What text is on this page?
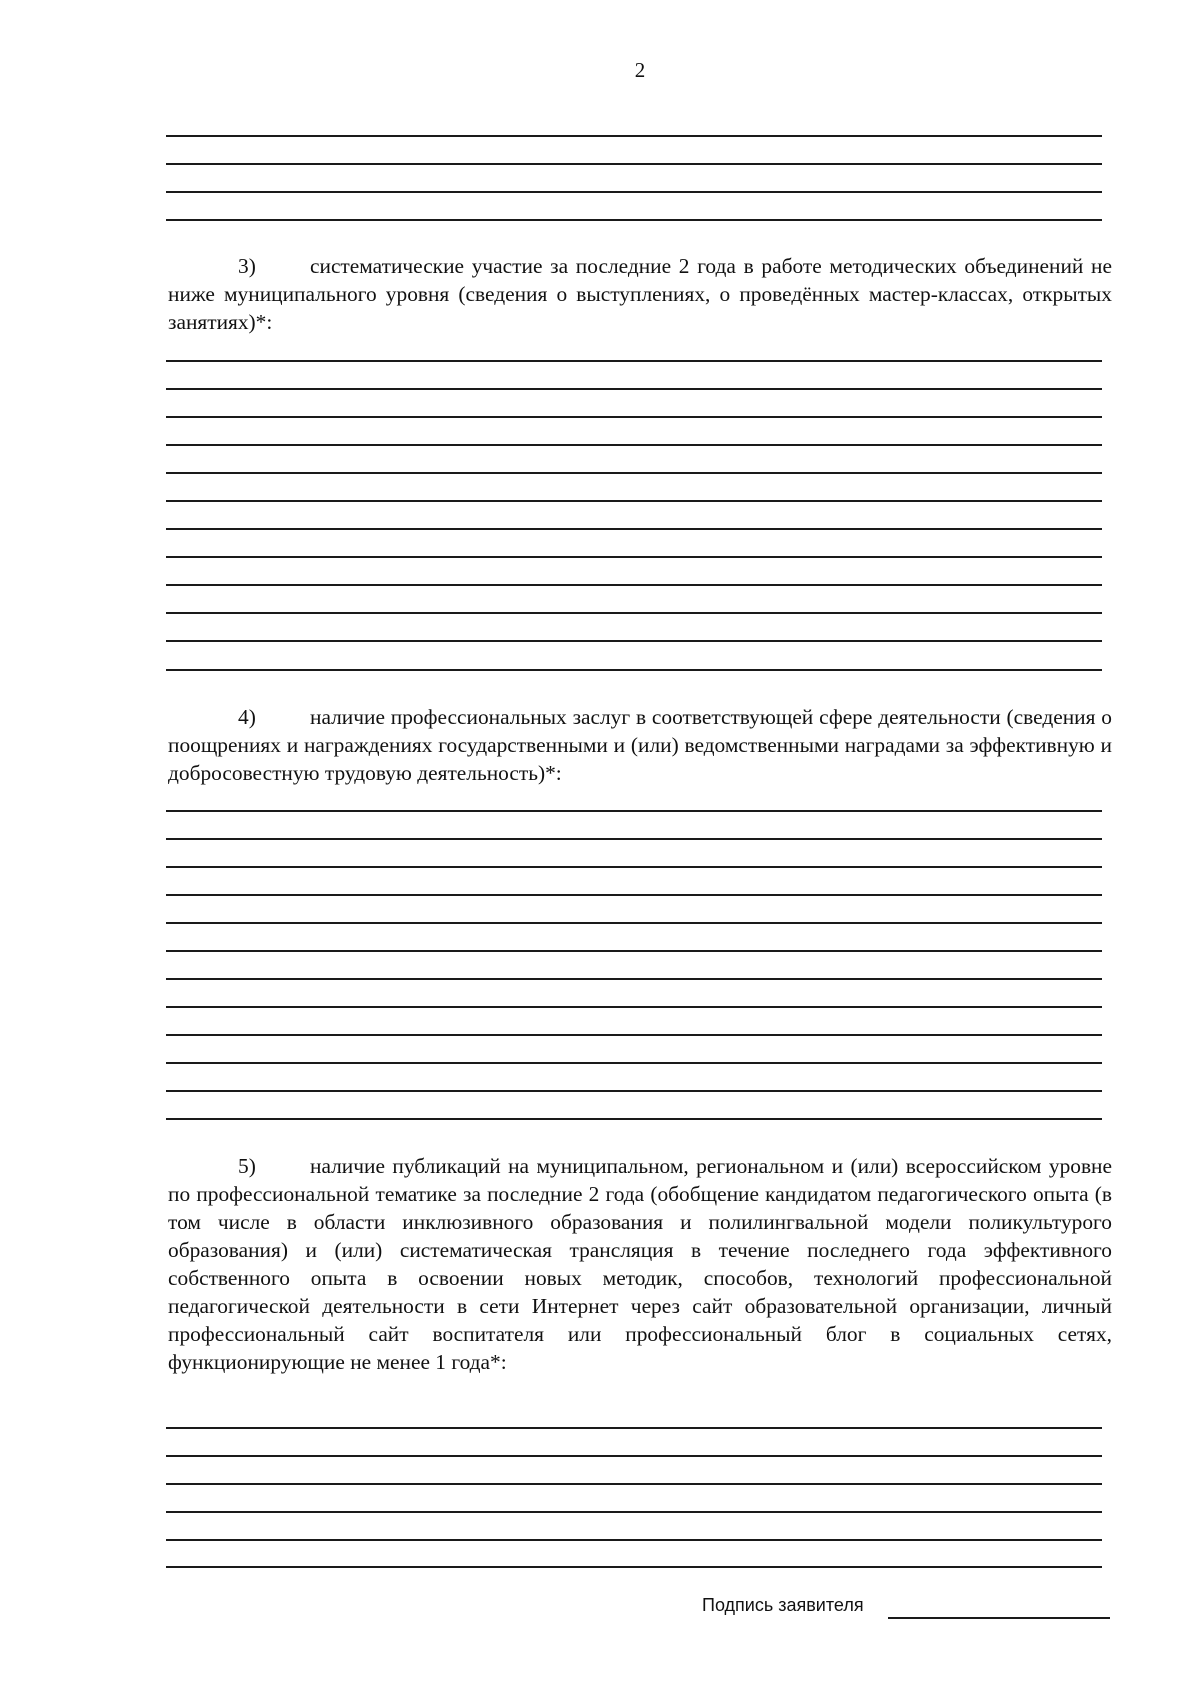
2
3)	систематические участие за последние 2 года в работе методических объединений не ниже муниципального уровня (сведения о выступлениях, о проведённых мастер-классах, открытых занятиях)*:
4)	наличие профессиональных заслуг в соответствующей сфере деятельности (сведения о поощрениях и награждениях государственными и (или) ведомственными наградами за эффективную и добросовестную трудовую деятельность)*:
5)	наличие публикаций на муниципальном, региональном и (или) всероссийском уровне по профессиональной тематике за последние 2 года (обобщение кандидатом педагогического опыта (в том числе в области инклюзивного образования и полилингвальной модели поликультурого образования) и (или) систематическая трансляция в течение последнего года эффективного собственного опыта в освоении новых методик, способов, технологий профессиональной педагогической деятельности в сети Интернет через сайт образовательной организации, личный профессиональный сайт воспитателя или профессиональный блог в социальных сетях, функционирующие не менее 1 года*:
Подпись заявителя
